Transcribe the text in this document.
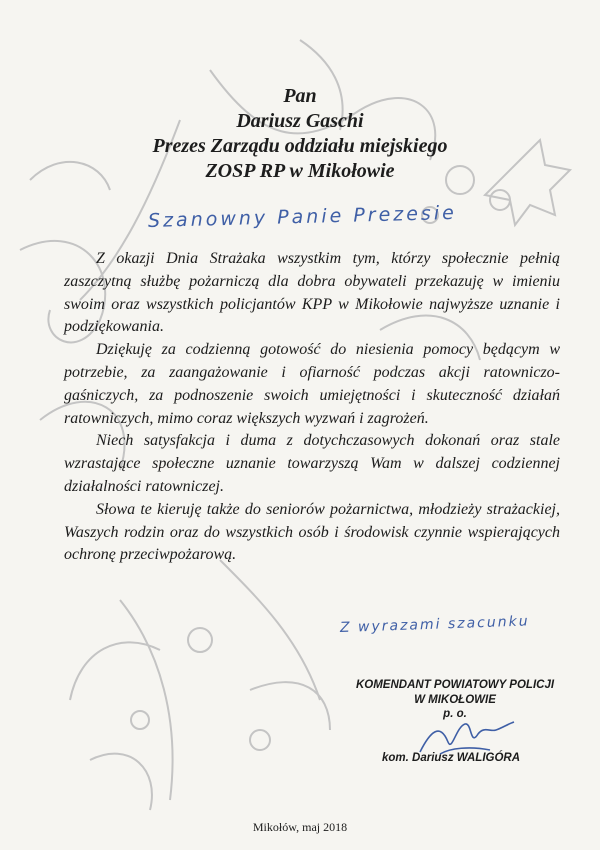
Pan
Dariusz Gaschi
Prezes Zarządu oddziału miejskiego
ZOSP RP w Mikołowie
Szanowny Panie Prezesie

Z okazji Dnia Strażaka wszystkim tym, którzy społecznie pełnią zaszczytną służbę pożarniczą dla dobra obywateli przekazuję w imieniu swoim oraz wszystkich policjantów KPP w Mikołowie najwyższe uznanie i podziękowania.

Dziękuję za codzienną gotowość do niesienia pomocy będącym w potrzebie, za zaangażowanie i ofiarność podczas akcji ratowniczo-gaśniczych, za podnoszenie swoich umiejętności i skuteczność działań ratowniczych, mimo coraz większych wyzwań i zagrożeń.

Niech satysfakcja i duma z dotychczasowych dokonań oraz stale wzrastające społeczne uznanie towarzyszą Wam w dalszej codziennej działalności ratowniczej.

Słowa te kieruję także do seniorów pożarnictwa, młodzieży strażackiej, Waszych rodzin oraz do wszystkich osób i środowisk czynnie wspierających ochronę przeciwpożarową.

Z wyrazami szacunku
KOMENDANT POWIATOWY POLICJI
W MIKOŁOWIE
p. o.
kom. Dariusz WALIGÓRA
Mikołów, maj 2018
